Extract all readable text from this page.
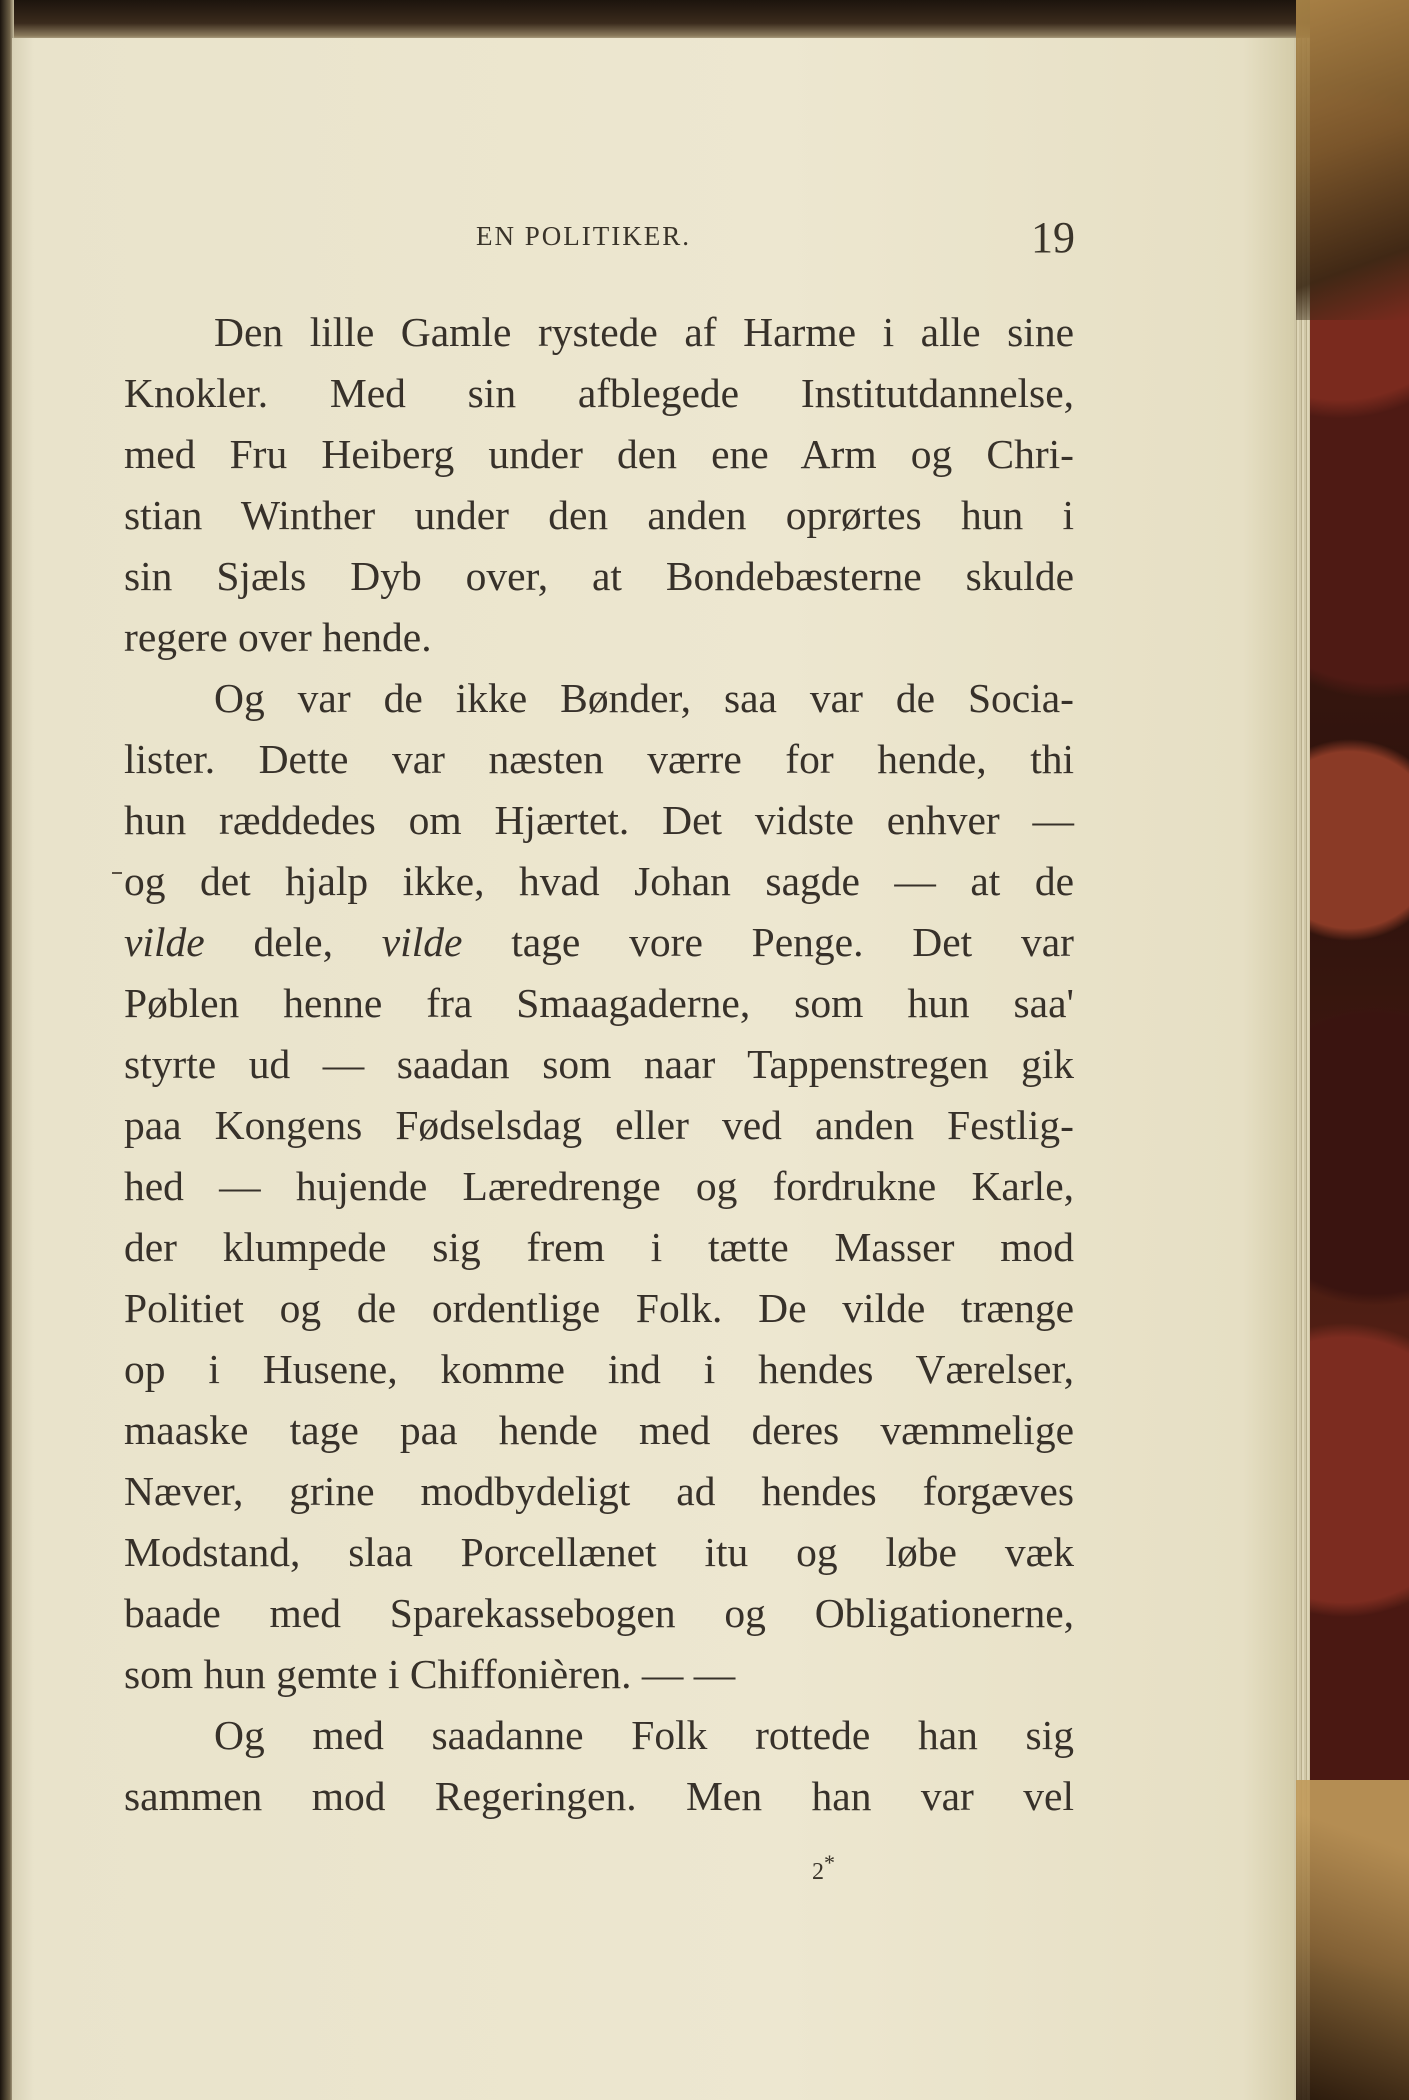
EN POLITIKER.	19
Den lille Gamle rystede af Harme i alle sine
Knokler. Med sin afblegede Institutdannelse,
med Fru Heiberg under den ene Arm og Chri-
stian Winther under den anden oprørtes hun i
sin Sjæls Dyb over, at Bondebæsterne skulde
regere over hende.
Og var de ikke Bønder, saa var de Socia-
lister. Dette var næsten værre for hende, thi
hun ræddedes om Hjærtet. Det vidste enhver —
og det hjalp ikke, hvad Johan sagde — at de
vilde dele, vilde tage vore Penge. Det var
Pøblen henne fra Smaagaderne, som hun saa'
styrte ud — saadan som naar Tappenstregen gik
paa Kongens Fødselsdag eller ved anden Festlig-
hed — hujende Læredrenge og fordrukne Karle,
der klumpede sig frem i tætte Masser mod
Politiet og de ordentlige Folk. De vilde trænge
op i Husene, komme ind i hendes Værelser,
maaske tage paa hende med deres væmmelige
Næver, grine modbydeligt ad hendes forgæves
Modstand, slaa Porcellænet itu og løbe væk
baade med Sparekassebogen og Obligationerne,
som hun gemte i Chiffonièren. — —
Og med saadanne Folk rottede han sig
sammen mod Regeringen. Men han var vel
2*
